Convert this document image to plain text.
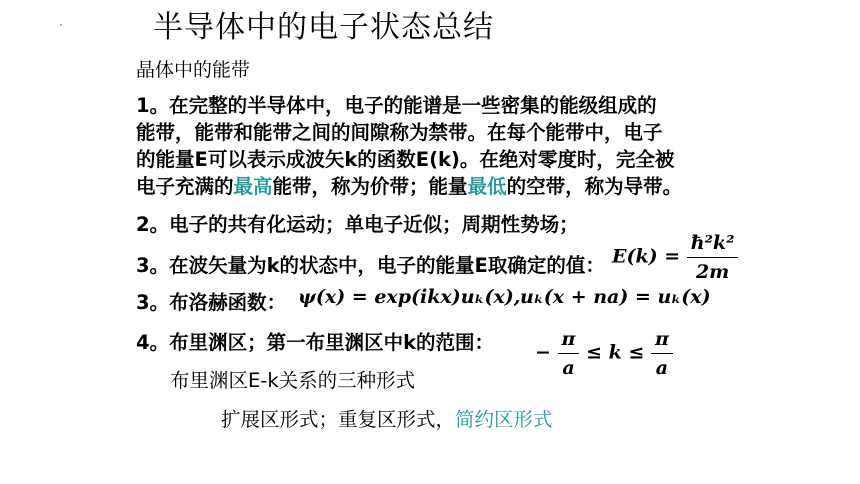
半导体中的电子状态总结
晶体中的能带
1。在完整的半导体中，电子的能谱是一些密集的能级组成的
能带，能带和能带之间的间隙称为禁带。在每个能带中，电子
的能量E可以表示成波矢k的函数E(k)。在绝对零度时，完全被
电子充满的最高能带，称为价带；能量最低的空带，称为导带。
2。电子的共有化运动；单电子近似；周期性势场；
3。在波矢量为k的状态中，电子的能量E取确定的值： $E(k) = \frac{\text{ħ²k²}}{2m}$
3。布洛赫函数： ψ(x) = exp(ikx)uₖ(x), uₖ(x + na) = uₖ(x)
4。布里渊区；第一布里渊区中k的范围： − $\frac{\pi}{a} \le k \le \frac{\pi}{a}$
布里渊区E-k关系的三种形式
扩展区形式；重复区形式，简约区形式
